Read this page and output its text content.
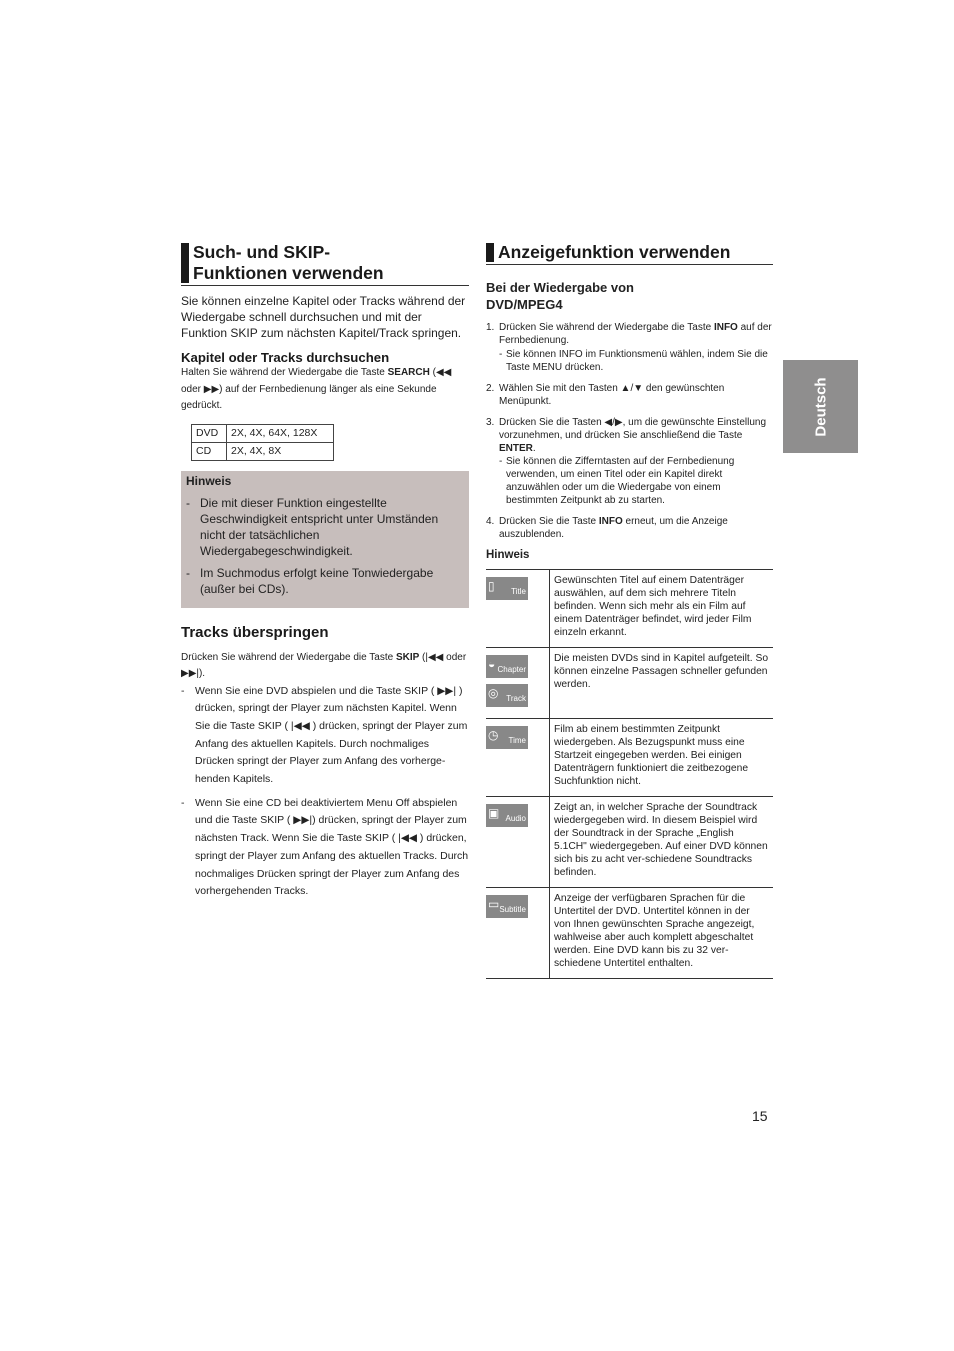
Such- und SKIP-
Funktionen verwenden
Sie können einzelne Kapitel oder Tracks während der Wiedergabe schnell durchsuchen und mit der Funktion SKIP zum nächsten Kapitel/Track springen.
Kapitel oder Tracks durchsuchen
Halten Sie während der Wiedergabe die Taste SEARCH (◀◀ oder ▶▶) auf der Fernbedienung länger als eine Sekunde gedrückt.
DVD	2X, 4X, 64X, 128X
CD	2X, 4X, 8X
Hinweis
- Die mit dieser Funktion eingestellte Geschwindigkeit entspricht unter Umständen nicht der tatsächlichen Wiedergabegeschwindigkeit.
- Im Suchmodus erfolgt keine Tonwiedergabe (außer bei CDs).
Tracks überspringen
Drücken Sie während der Wiedergabe die Taste SKIP (|◀◀ oder ▶▶|).
-	Wenn Sie eine DVD abspielen und die Taste SKIP ( ▶▶| ) drücken, springt der Player zum nächsten Kapitel. Wenn Sie die Taste SKIP ( |◀◀ ) drücken, springt der Player zum Anfang des aktuellen Kapitels. Durch nochmaliges Drücken springt der Player zum Anfang des vorherge-henden Kapitels.
-	Wenn Sie eine CD bei deaktiviertem Menu Off abspielen und die Taste SKIP ( ▶▶|) drücken, springt der Player zum nächsten Track. Wenn Sie die Taste SKIP ( |◀◀ ) drücken, springt der Player zum Anfang des aktuellen Tracks. Durch nochmaliges Drücken springt der Player zum Anfang des vorhergehenden Tracks.
Anzeigefunktion verwenden
Bei der Wiedergabe von
DVD/MPEG4
1. Drücken Sie während der Wiedergabe die Taste INFO auf der Fernbedienung.
- Sie können INFO im Funktionsmenü wählen, indem Sie die Taste MENU drücken.
2. Wählen Sie mit den Tasten ▲/▼ den gewünschten Menüpunkt.
3. Drücken Sie die Tasten ◀/▶, um die gewünschte Einstellung vorzunehmen, und drücken Sie anschließend die Taste ENTER.
- Sie können die Zifferntasten auf der Fernbedienung verwenden, um einen Titel oder ein Kapitel direkt anzuwählen oder um die Wiedergabe von einem bestimmten Zeitpunkt ab zu starten.
4. Drücken Sie die Taste INFO erneut, um die Anzeige auszublenden.
Hinweis
▯ Title	Gewünschten Titel auf einem Datenträger auswählen, auf dem sich mehrere Titeln befinden. Wenn sich mehr als ein Film auf einem Datenträger befindet, wird jeder Film einzeln erkannt.

◒ Chapter
◎ Track	Die meisten DVDs sind in Kapitel aufgeteilt. So können einzelne Passagen schneller gefunden werden.

◷ Time	Film ab einem bestimmten Zeitpunkt wiedergeben. Als Bezugspunkt muss eine Startzeit eingegeben werden. Bei einigen Datenträgern funktioniert die zeitbezogene Suchfunktion nicht.

▣ Audio	Zeigt an, in welcher Sprache der Soundtrack wiedergegeben wird. In diesem Beispiel wird der Soundtrack in der Sprache „English 5.1CH" wiedergegeben. Auf einer DVD können sich bis zu acht ver-schiedene Soundtracks befinden.

▭ Subtitle	Anzeige der verfügbaren Sprachen für die Untertitel der DVD. Untertitel können in der von Ihnen gewünschten Sprache angezeigt, wahlweise aber auch komplett abgeschaltet werden. Eine DVD kann bis zu 32 ver-schiedene Untertitel enthalten.
Deutsch
15
